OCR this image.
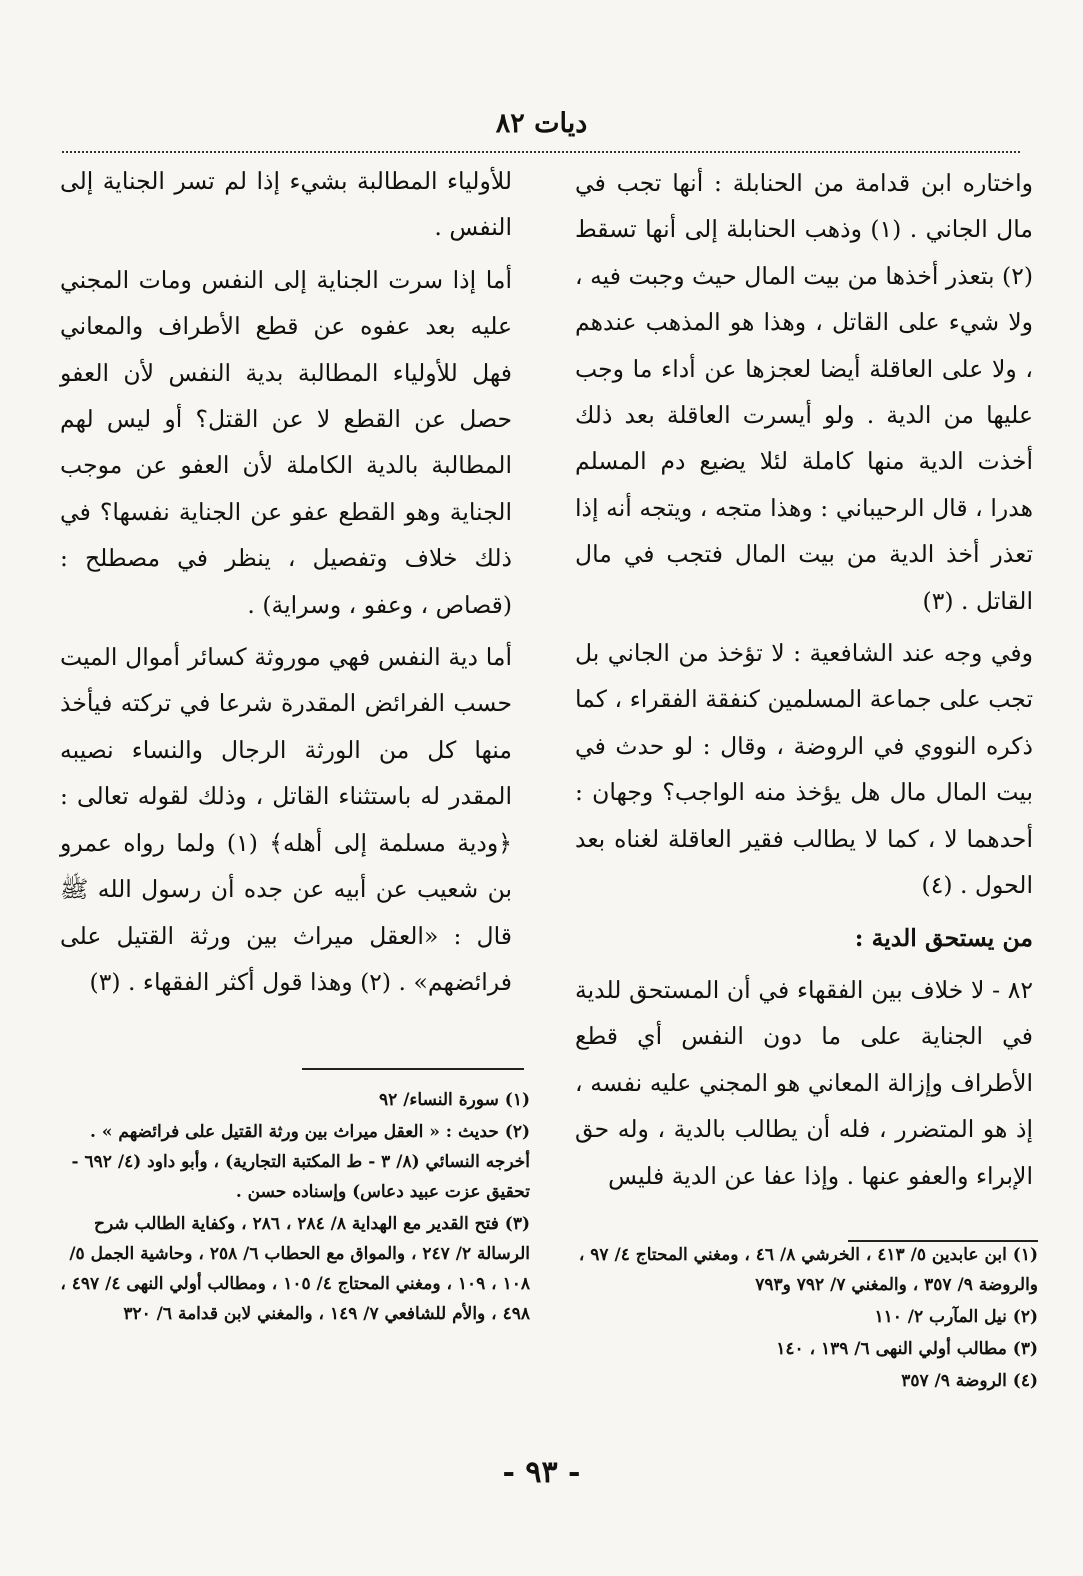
ديات ٨٢

واختاره ابن قدامة من الحنابلة : أنها تجب في مال الجاني . (١) وذهب الحنابلة إلى أنها تسقط (٢) بتعذر أخذها من بيت المال حيث وجبت فيه ، ولا شيء على القاتل ، وهذا هو المذهب عندهم ، ولا على العاقلة أيضا لعجزها عن أداء ما وجب عليها من الدية . ولو أيسرت العاقلة بعد ذلك أخذت الدية منها كاملة لئلا يضيع دم المسلم هدرا ، قال الرحيباني : وهذا متجه ، ويتجه أنه إذا تعذر أخذ الدية من بيت المال فتجب في مال القاتل . (٣)

وفي وجه عند الشافعية : لا تؤخذ من الجاني بل تجب على جماعة المسلمين كنفقة الفقراء ، كما ذكره النووي في الروضة ، وقال : لو حدث في بيت المال مال هل يؤخذ منه الواجب؟ وجهان : أحدهما لا ، كما لا يطالب فقير العاقلة لغناه بعد الحول . (٤)

من يستحق الدية :

٨٢ - لا خلاف بين الفقهاء في أن المستحق للدية في الجناية على ما دون النفس أي قطع الأطراف وإزالة المعاني هو المجني عليه نفسه ، إذ هو المتضرر ، فله أن يطالب بالدية ، وله حق الإبراء والعفو عنها . وإذا عفا عن الدية فليس

للأولياء المطالبة بشيء إذا لم تسر الجناية إلى النفس .

أما إذا سرت الجناية إلى النفس ومات المجني عليه بعد عفوه عن قطع الأطراف والمعاني فهل للأولياء المطالبة بدية النفس لأن العفو حصل عن القطع لا عن القتل؟ أو ليس لهم المطالبة بالدية الكاملة لأن العفو عن موجب الجناية وهو القطع عفو عن الجناية نفسها؟ في ذلك خلاف وتفصيل ، ينظر في مصطلح : (قصاص ، وعفو ، وسراية) .

أما دية النفس فهي موروثة كسائر أموال الميت حسب الفرائض المقدرة شرعا في تركته فيأخذ منها كل من الورثة الرجال والنساء نصيبه المقدر له باستثناء القاتل ، وذلك لقوله تعالى : ﴿ودية مسلمة إلى أهله﴾ (١) ولما رواه عمرو بن شعيب عن أبيه عن جده أن رسول الله ﷺ قال : «العقل ميراث بين ورثة القتيل على فرائضهم» . (٢) وهذا قول أكثر الفقهاء . (٣)

(١) سورة النساء/ ٩٢

(٢) حديث : « العقل ميراث بين ورثة القتيل على فرائضهم » . أخرجه النسائي (٨/ ٣ - ط المكتبة التجارية) ، وأبو داود (٤/ ٦٩٢ - تحقيق عزت عبيد دعاس) وإسناده حسن .

(٣) فتح القدير مع الهداية ٨/ ٢٨٤ ، ٢٨٦ ، وكفاية الطالب شرح الرسالة ٢/ ٢٤٧ ، والمواق مع الحطاب ٦/ ٢٥٨ ، وحاشية الجمل ٥/ ١٠٨ ، ١٠٩ ، ومغني المحتاج ٤/ ١٠٥ ، ومطالب أولي النهى ٤/ ٤٩٧ ، ٤٩٨ ، والأم للشافعي ٧/ ١٤٩ ، والمغني لابن قدامة ٦/ ٣٢٠

(١) ابن عابدين ٥/ ٤١٣ ، الخرشي ٨/ ٤٦ ، ومغني المحتاج ٤/ ٩٧ ، والروضة ٩/ ٣٥٧ ، والمغني ٧/ ٧٩٢ و٧٩٣

(٢) نيل المآرب ٢/ ١١٠

(٣) مطالب أولي النهى ٦/ ١٣٩ ، ١٤٠

(٤) الروضة ٩/ ٣٥٧

- ٩٣ -
